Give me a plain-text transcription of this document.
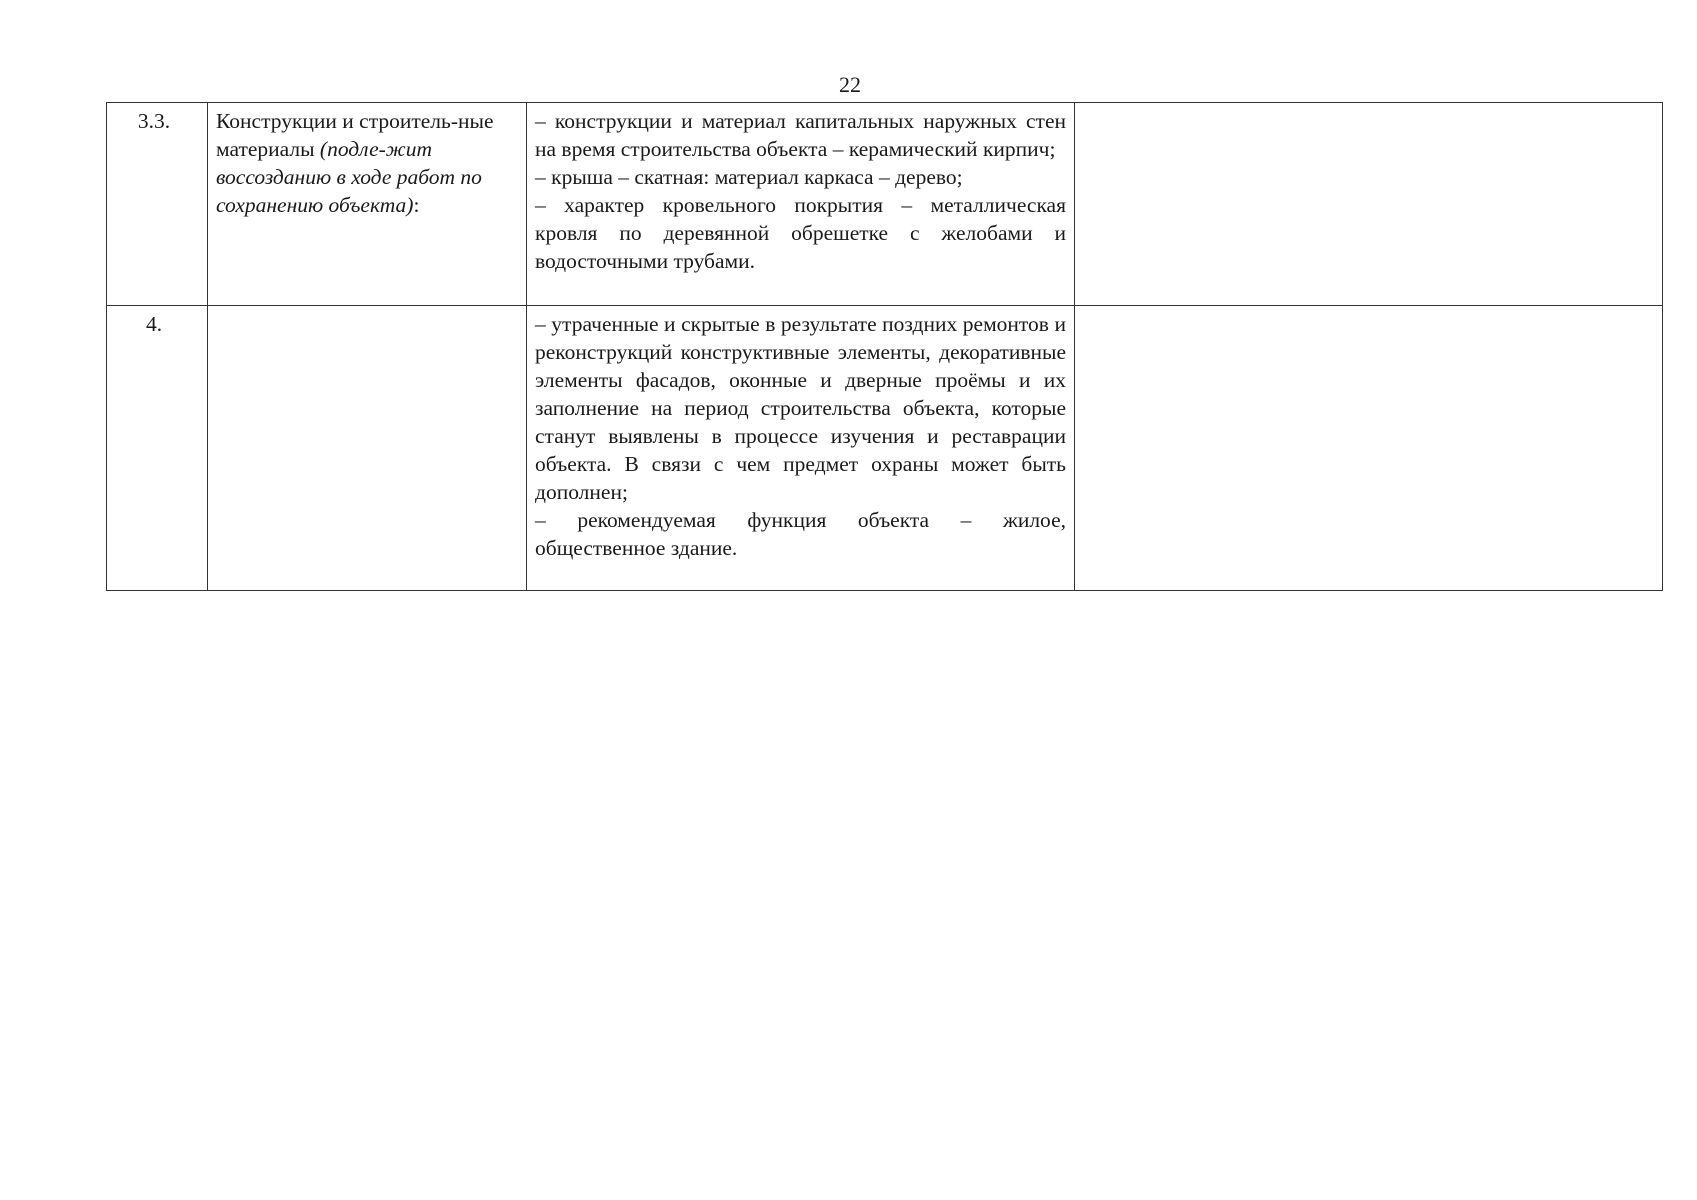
22
3.3.	Конструкции и строитель-ные материалы (подле-жит воссозданию в ходе работ по сохранению объекта):	– конструкции и материал капитальных наружных стен на время строительства объекта – керамический кирпич;
– крыша – скатная: материал каркаса – дерево;
– характер кровельного покрытия – металлическая кровля по деревянной обрешетке с желобами и водосточными трубами.	

4.		– утраченные и скрытые в результате поздних ремонтов и реконструкций конструктивные элементы, декоративные элементы фасадов, оконные и дверные проёмы и их заполнение на период строительства объекта, которые станут выявлены в процессе изучения и реставрации объекта. В связи с чем предмет охраны может быть дополнен;
– рекомендуемая функция объекта – жилое, общественное здание.	
